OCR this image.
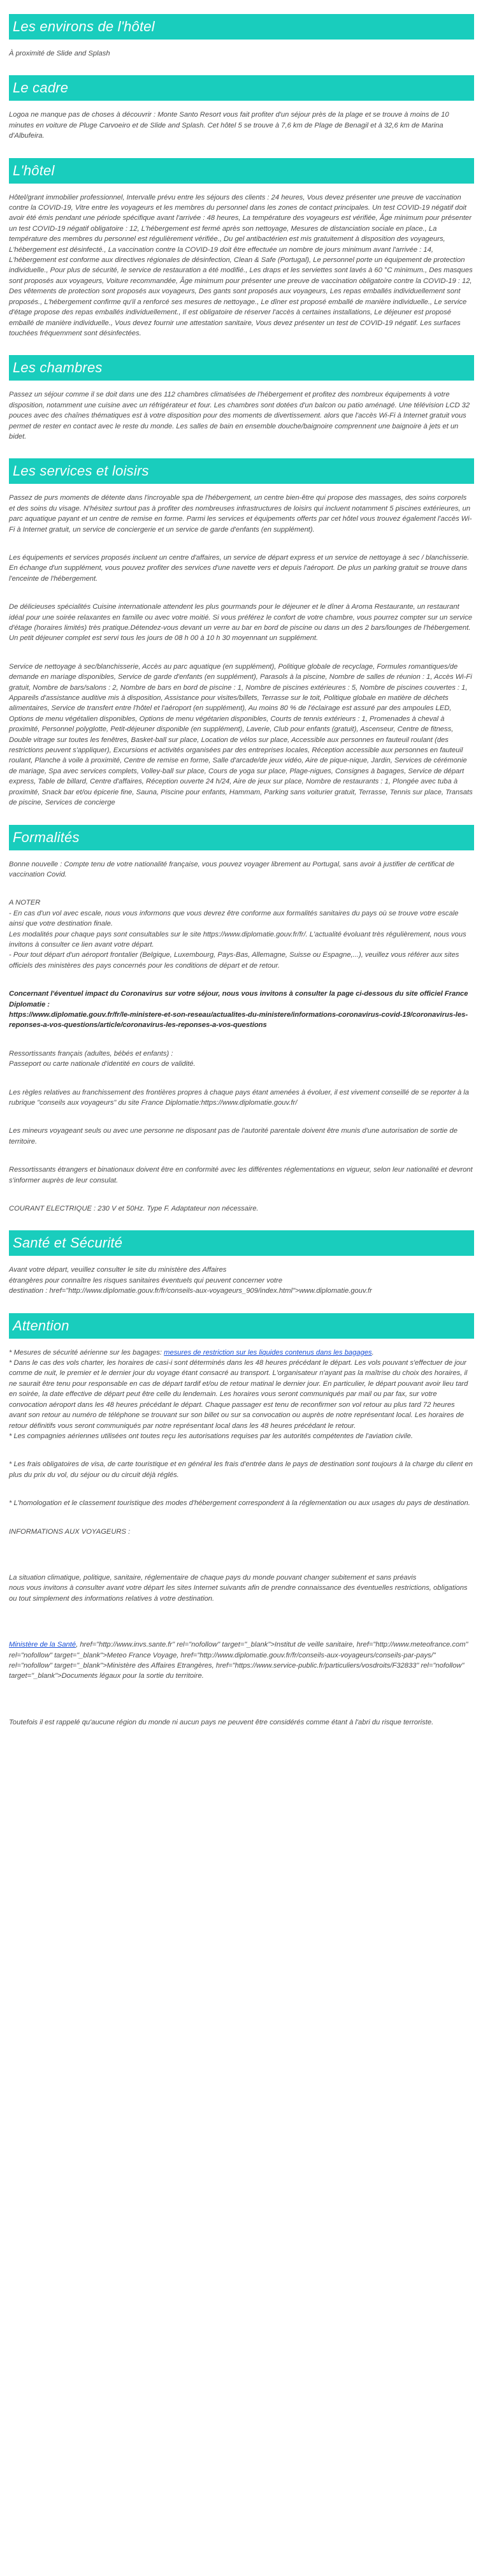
Les environs de l'hôtel

À proximité de Slide and Splash

Le cadre

Logoa ne manque pas de choses à découvrir : Monte Santo Resort vous fait profiter d'un séjour près de la plage et se trouve à moins de 10 minutes en voiture de Pluge Carvoeiro et de Slide and Splash. Cet hôtel 5 se trouve à 7,6 km de Plage de Benagil et à 32,6 km de Marina d'Albufeira.

L'hôtel

Hôtel/grant immobilier professionnel, Intervalle prévu entre les séjours des clients : 24 heures, Vous devez présenter une preuve de vaccination contre la COVID-19, Vitre entre les voyageurs et les membres du personnel dans les zones de contact principales. Un test COVID-19 négatif doit avoir été émis pendant une période spécifique avant l'arrivée : 48 heures, La température des voyageurs est vérifiée, Âge minimum pour présenter un test COVID-19 négatif obligatoire : 12, L'hébergement est fermé après son nettoyage, Mesures de distanciation sociale en place., La température des membres du personnel est régulièrement vérifiée., Du gel antibactérien est mis gratuitement à disposition des voyageurs, L'hébergement est désinfecté., La vaccination contre la COVID-19 doit être effectuée un nombre de jours minimum avant l'arrivée : 14, L'hébergement est conforme aux directives régionales de désinfection, Clean & Safe (Portugal), Le personnel porte un équipement de protection individuelle., Pour plus de sécurité, le service de restauration a été modifié., Les draps et les serviettes sont lavés à 60 °C minimum., Des masques sont proposés aux voyageurs, Voiture recommandée, Âge minimum pour présenter une preuve de vaccination obligatoire contre la COVID-19 : 12, Des vêtements de protection sont proposés aux voyageurs, Des gants sont proposés aux voyageurs, Les repas emballés individuellement sont proposés., L'hébergement confirme qu'il a renforcé ses mesures de nettoyage., Le dîner est proposé emballé de manière individuelle., Le service d'étage propose des repas emballés individuellement., Il est obligatoire de réserver l'accès à certaines installations, Le déjeuner est proposé emballé de manière individuelle., Vous devez fournir une attestation sanitaire, Vous devez présenter un test de COVID-19 négatif. Les surfaces touchées fréquemment sont désinfectées.

Les chambres

Passez un séjour comme il se doit dans une des 112 chambres climatisées de l'hébergement et profitez des nombreux équipements à votre disposition, notamment une cuisine avec un réfrigérateur et four. Les chambres sont dotées d'un balcon ou patio aménagé. Une télévision LCD 32 pouces avec des chaînes thématiques est à votre disposition pour des moments de divertissement. alors que l'accès Wi-Fi à Internet gratuit vous permet de rester en contact avec le reste du monde. Les salles de bain en ensemble douche/baignoire comprennent une baignoire à jets et un bidet.

Les services et loisirs

Passez de purs moments de détente dans l'incroyable spa de l'hébergement, un centre bien-être qui propose des massages, des soins corporels et des soins du visage. N'hésitez surtout pas à profiter des nombreuses infrastructures de loisirs qui incluent notamment 5 piscines extérieures, un parc aquatique payant et un centre de remise en forme. Parmi les services et équipements offerts par cet hôtel vous trouvez également l'accès Wi-Fi à Internet gratuit, un service de conciergerie et un service de garde d'enfants (en supplément).

Les équipements et services proposés incluent un centre d'affaires, un service de départ express et un service de nettoyage à sec / blanchisserie. En échange d'un supplément, vous pouvez profiter des services d'une navette vers et depuis l'aéroport. De plus un parking gratuit se trouve dans l'enceinte de l'hébergement.

De délicieuses spécialités Cuisine internationale attendent les plus gourmands pour le déjeuner et le dîner à Aroma Restaurante, un restaurant idéal pour une soirée relaxantes en famille ou avec votre moitié. Si vous préférez le confort de votre chambre, vous pourrez compter sur un service d'étage (horaires limités) très pratique.Détendez-vous devant un verre au bar en bord de piscine ou dans un des 2 bars/lounges de l'hébergement. Un petit déjeuner complet est servi tous les jours de 08 h 00 à 10 h 30 moyennant un supplément.

Service de nettoyage à sec/blanchisserie, Accès au parc aquatique (en supplément), Politique globale de recyclage, Formules romantiques/de demande en mariage disponibles, Service de garde d'enfants (en supplément), Parasols à la piscine, Nombre de salles de réunion : 1, Accès Wi-Fi gratuit, Nombre de bars/salons : 2, Nombre de bars en bord de piscine : 1, Nombre de piscines extérieures : 5, Nombre de piscines couvertes : 1, Appareils d'assistance auditive mis à disposition, Assistance pour visites/billets, Terrasse sur le toit, Politique globale en matière de déchets alimentaires, Service de transfert entre l'hôtel et l'aéroport (en supplément), Au moins 80 % de l'éclairage est assuré par des ampoules LED, Options de menu végétalien disponibles, Options de menu végétarien disponibles, Courts de tennis extérieurs : 1, Promenades à cheval à proximité, Personnel polyglotte, Petit-déjeuner disponible (en supplément), Laverie, Club pour enfants (gratuit), Ascenseur, Centre de fitness, Double vitrage sur toutes les fenêtres, Basket-ball sur place, Location de vélos sur place, Accessible aux personnes en fauteuil roulant (des restrictions peuvent s'appliquer), Excursions et activités organisées par des entreprises locales, Réception accessible aux personnes en fauteuil roulant, Planche à voile à proximité, Centre de remise en forme, Salle d'arcade/de jeux vidéo, Aire de pique-nique, Jardin, Services de cérémonie de mariage, Spa avec services complets, Volley-ball sur place, Cours de yoga sur place, Plage-nigues, Consignes à bagages, Service de départ express, Table de billard, Centre d'affaires, Réception ouverte 24 h/24, Aire de jeux sur place, Nombre de restaurants : 1, Plongée avec tuba à proximité, Snack bar et/ou épicerie fine, Sauna, Piscine pour enfants, Hammam, Parking sans voiturier gratuit, Terrasse, Tennis sur place, Transats de piscine, Services de concierge

Formalités

Bonne nouvelle : Compte tenu de votre nationalité française, vous pouvez voyager librement au Portugal, sans avoir à justifier de certificat de vaccination Covid.

A NOTER
- En cas d'un vol avec escale, nous vous informons que vous devrez être conforme aux formalités sanitaires du pays où se trouve votre escale ainsi que votre destination finale.
Les modalités pour chaque pays sont consultables sur le site https://www.diplomatie.gouv.fr/fr/. L'actualité évoluant très régulièrement, nous vous invitons à consulter ce lien avant votre départ.
- Pour tout départ d'un aéroport frontalier (Belgique, Luxembourg, Pays-Bas, Allemagne, Suisse ou Espagne,...), veuillez vous référer aux sites officiels des ministères des pays concernés pour les conditions de départ et de retour.

Concernant l'éventuel impact du Coronavirus sur votre séjour, nous vous invitons à consulter la page ci-dessous du site officiel France Diplomatie :
https://www.diplomatie.gouv.fr/fr/le-ministere-et-son-reseau/actualites-du-ministere/informations-coronavirus-covid-19/coronavirus-les-reponses-a-vos-questions/article/coronavirus-les-reponses-a-vos-questions

Ressortissants français (adultes, bébés et enfants) :
Passeport ou carte nationale d'identité en cours de validité.

Les règles relatives au franchissement des frontières propres à chaque pays étant amenées à évoluer, il est vivement conseillé de se reporter à la rubrique "conseils aux voyageurs" du site France Diplomatie:https://www.diplomatie.gouv.fr/

Les mineurs voyageant seuls ou avec une personne ne disposant pas de l'autorité parentale doivent être munis d'une autorisation de sortie de territoire.

Ressortissants étrangers et binationaux doivent être en conformité avec les différentes réglementations en vigueur, selon leur nationalité et devront s'informer auprès de leur consulat.

COURANT ELECTRIQUE : 230 V et 50Hz. Type F. Adaptateur non nécessaire.

Santé et Sécurité

Avant votre départ, veuillez consulter le site du ministère des Affaires
étrangères pour connaître les risques sanitaires éventuels qui peuvent concerner votre
destination : href="http://www.diplomatie.gouv.fr/fr/conseils-aux-voyageurs_909/index.html">www.diplomatie.gouv.fr

Attention

* Mesures de sécurité aérienne sur les bagages: mesures de restriction sur les liquides contenus dans les bagages.
* Dans le cas des vols charter, les horaires de casi-i sont déterminés dans les 48 heures précédant le départ. Les vols pouvant s'effectuer de jour comme de nuit, le premier et le dernier jour du voyage étant consacré au transport. L'organisateur n'ayant pas la maîtrise du choix des horaires, il ne saurait être tenu pour responsable en cas de départ tardif et/ou de retour matinal le dernier jour. En particulier, le départ pouvant avoir lieu tard en soirée, la date effective de départ peut être celle du lendemain. Les horaires vous seront communiqués par mail ou par fax, sur votre convocation aéroport dans les 48 heures précédant le départ. Chaque passager est tenu de reconfirmer son vol retour au plus tard 72 heures avant son retour au numéro de téléphone se trouvant sur son billet ou sur sa convocation ou auprès de notre représentant local. Les horaires de retour définitifs vous seront communiqués par notre représentant local dans les 48 heures précédant le retour.
* Les compagnies aériennes utilisées ont toutes reçu les autorisations requises par les autorités compétentes de l'aviation civile.

* Les frais obligatoires de visa, de carte touristique et en général les frais d'entrée dans le pays de destination sont toujours à la charge du client en plus du prix du vol, du séjour ou du circuit déjà réglés.

* L'homologation et le classement touristique des modes d'hébergement correspondent à la réglementation ou aux usages du pays de destination.

INFORMATIONS AUX VOYAGEURS :

La situation climatique, politique, sanitaire, réglementaire de chaque pays du monde pouvant changer subitement et sans préavis
nous vous invitons à consulter avant votre départ les sites Internet suivants afin de prendre connaissance des éventuelles restrictions, obligations ou tout simplement des informations relatives à votre destination.

Ministère de la Santé, href="http://www.invs.sante.fr" rel="nofollow" target="_blank">Institut de veille sanitaire, href="http://www.meteofrance.com" rel="nofollow" target="_blank">Meteo France Voyage, href="http://www.diplomatie.gouv.fr/fr/conseils-aux-voyageurs/conseils-par-pays/" rel="nofollow" target="_blank">Ministère des Affaires Etrangères, href="https://www.service-public.fr/particuliers/vosdroits/F32833" rel="nofollow" target="_blank">Documents légaux pour la sortie du territoire.

Toutefois il est rappelé qu'aucune région du monde ni aucun pays ne peuvent être considérés comme étant à l'abri du risque terroriste.
